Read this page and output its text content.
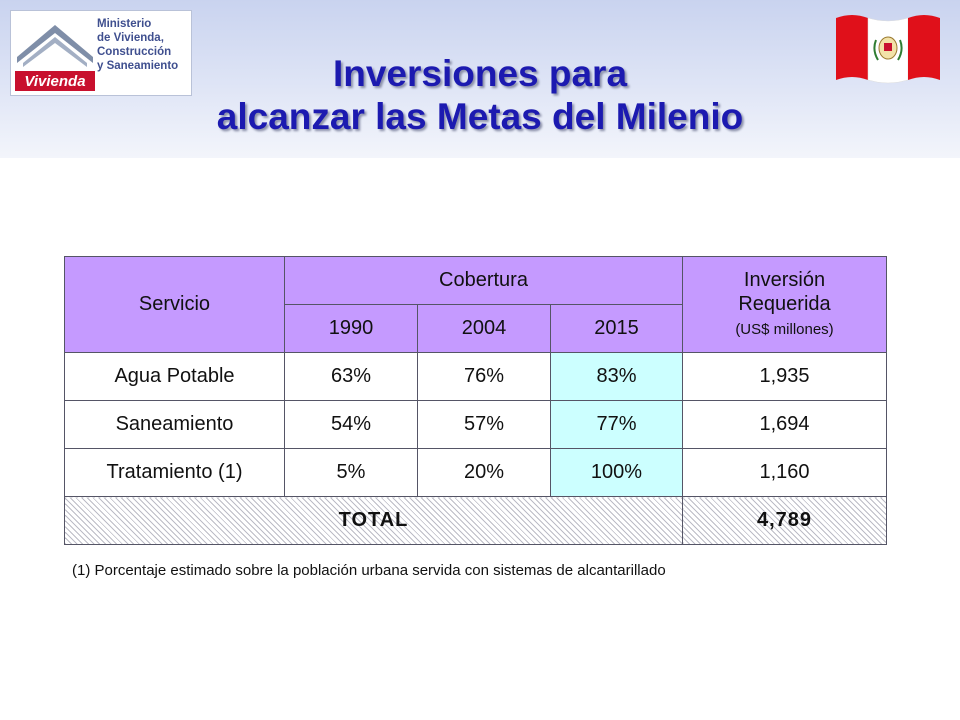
Vivienda
Ministerio
de Vivienda,
Construcción
y Saneamiento	Inversiones para
alcanzar las Metas del Milenio
Servicio	Cobertura			Inversión
Requerida

(US$ millones)

	1990	2004	2015	
Agua Potable	63%	76%	83%	1,935
Saneamiento	54%	57%	77%	1,694
Tratamiento (1)	5%	20%	100%	1,160
TOTAL				4,789
(1) Porcentaje estimado sobre la población urbana servida con sistemas de alcantarillado
